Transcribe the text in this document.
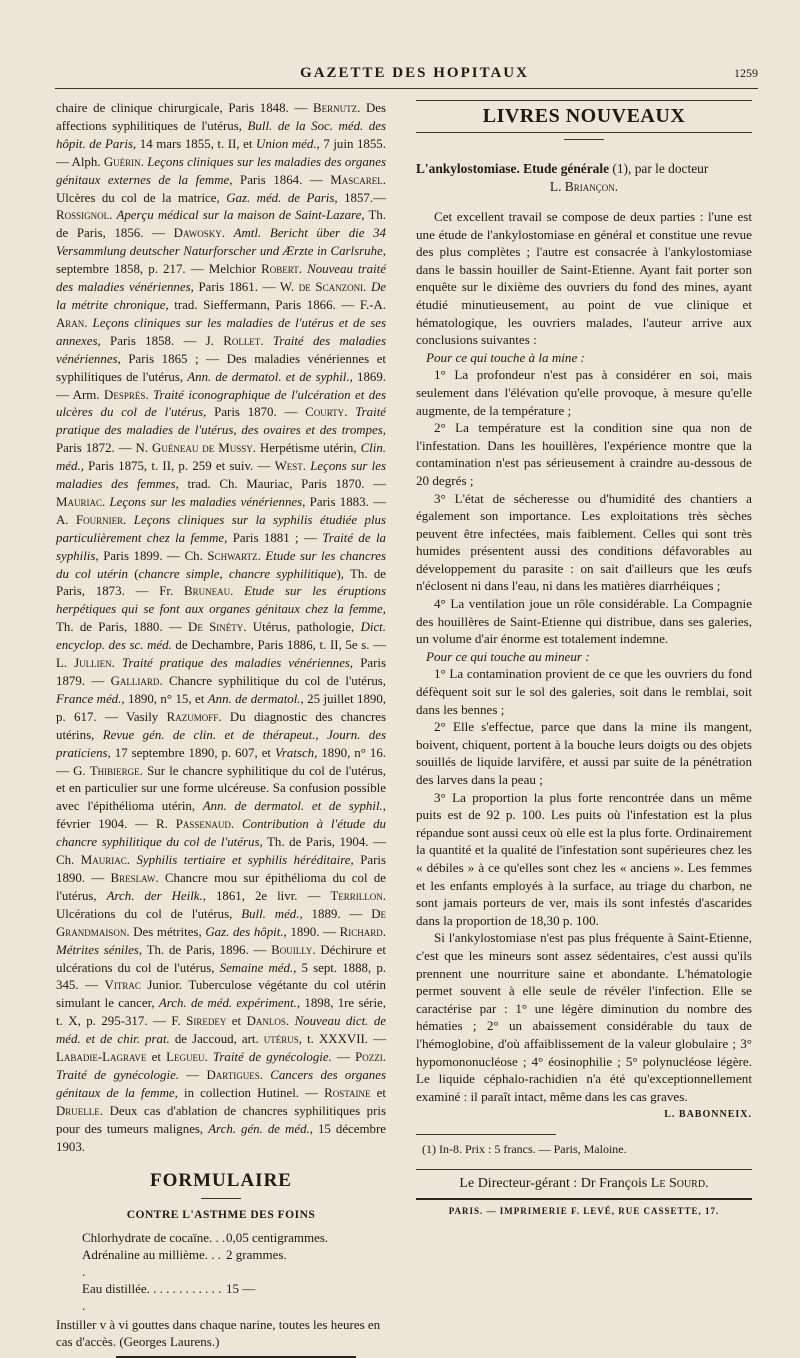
GAZETTE DES HOPITAUX	1259

chaire de clinique chirurgicale, Paris 1848. — Bernutz. Des affections syphilitiques de l'utérus, Bull. de la Soc. méd. des hôpit. de Paris, 14 mars 1855, t. II, et Union méd., 7 juin 1855. — Alph. Guérin. Leçons cliniques sur les maladies des organes génitaux externes de la femme, Paris 1864. — Mascarel. Ulcères du col de la matrice, Gaz. méd. de Paris, 1857.— Rossignol. Aperçu médical sur la maison de Saint-Lazare, Th. de Paris, 1856. — Dawosky. Amtl. Bericht über die 34 Versammlung deutscher Naturforscher und Ærzte in Carlsruhe, septembre 1858, p. 217. — Melchior Robert. Nouveau traité des maladies vénériennes, Paris 1861. — W. de Scanzoni. De la métrite chronique, trad. Sieffermann, Paris 1866. — F.-A. Aran. Leçons cliniques sur les maladies de l'utérus et de ses annexes, Paris 1858. — J. Rollet. Traité des maladies vénériennes, Paris 1865 ; — Des maladies vénériennes et syphilitiques de l'utérus, Ann. de dermatol. et de syphil., 1869. — Arm. Després. Traité iconographique de l'ulcération et des ulcères du col de l'utérus, Paris 1870. — Courty. Traité pratique des maladies de l'utérus, des ovaires et des trompes, Paris 1872. — N. Guéneau de Mussy. Herpétisme utérin, Clin. méd., Paris 1875, t. II, p. 259 et suiv. — West. Leçons sur les maladies des femmes, trad. Ch. Mauriac, Paris 1870. — Mauriac. Leçons sur les maladies vénériennes, Paris 1883. — A. Fournier. Leçons cliniques sur la syphilis étudiée plus particulièrement chez la femme, Paris 1881 ; — Traité de la syphilis, Paris 1899. — Ch. Schwartz. Etude sur les chancres du col utérin (chancre simple, chancre syphilitique), Th. de Paris, 1873. — Fr. Bruneau. Etude sur les éruptions herpétiques qui se font aux organes génitaux chez la femme, Th. de Paris, 1880. — De Sinéty. Utérus, pathologie, Dict. encyclop. des sc. méd. de Dechambre, Paris 1886, t. II, 5e s. — L. Jullien. Traité pratique des maladies vénériennes, Paris 1879. — Galliard. Chancre syphilitique du col de l'utérus, France méd., 1890, n° 15, et Ann. de dermatol., 25 juillet 1890, p. 617. — Vasily Razumoff. Du diagnostic des chancres utérins, Revue gén. de clin. et de thérapeut., Journ. des praticiens, 17 septembre 1890, p. 607, et Vratsch, 1890, n° 16. — G. Thibierge. Sur le chancre syphilitique du col de l'utérus, et en particulier sur une forme ulcéreuse. Sa confusion possible avec l'épithélioma utérin, Ann. de dermatol. et de syphil., février 1904. — R. Passenaud. Contribution à l'étude du chancre syphilitique du col de l'utérus, Th. de Paris, 1904. — Ch. Mauriac. Syphilis tertiaire et syphilis héréditaire, Paris 1890. — Breslaw. Chancre mou sur épithélioma du col de l'utérus, Arch. der Heilk., 1861, 2e livr. — Terrillon. Ulcérations du col de l'utérus, Bull. méd., 1889. — De Grandmaison. Des métrites, Gaz. des hôpit., 1890. — Richard. Métrites séniles, Th. de Paris, 1896. — Bouilly. Déchirure et ulcérations du col de l'utérus, Semaine méd., 5 sept. 1888, p. 345. — Vitrac Junior. Tuberculose végétante du col utérin simulant le cancer, Arch. de méd. expériment., 1898, 1re série, t. X, p. 295-317. — F. Siredey et Danlos. Nouveau dict. de méd. et de chir. prat. de Jaccoud, art. utérus, t. XXXVII. — Labadie-Lagrave et Legueu. Traité de gynécologie. — Pozzi. Traité de gynécologie. — Dartigues. Cancers des organes génitaux de la femme, in collection Hutinel. — Rostaine et Druelle. Deux cas d'ablation de chancres syphilitiques pris pour des tumeurs malignes, Arch. gén. de méd., 15 décembre 1903.

FORMULAIRE
CONTRE L'ASTHME DES FOINS
Chlorhydrate de cocaïne. . . 0,05 centigrammes.
Adrénaline au millième. . . .
2 grammes.
Eau distillée. . . . . . . . . . . . .
15 —

Instiller v à vi gouttes dans chaque narine, toutes les heures en cas d'accès. (Georges Laurens.)

LIVRES NOUVEAUX
L'ankylostomiase. Etude générale (1), par le docteur
L. Briançon.

Cet excellent travail se compose de deux parties : l'une est une étude de l'ankylostomiase en général et constitue une revue des plus complètes ; l'autre est consacrée à l'ankylostomiase dans le bassin houiller de Saint-Etienne. Ayant fait porter son enquête sur le dixième des ouvriers du fond des mines, ayant étudié minutieusement, au point de vue clinique et hématologique, les ouvriers malades, l'auteur arrive aux conclusions suivantes :

Pour ce qui touche à la mine :

1° La profondeur n'est pas à considérer en soi, mais seulement dans l'élévation qu'elle provoque, à mesure qu'elle augmente, de la température ;

2° La température est la condition sine qua non de l'infestation. Dans les houillères, l'expérience montre que la contamination n'est pas sérieusement à craindre au-dessous de 20 degrés ;

3° L'état de sécheresse ou d'humidité des chantiers a également son importance. Les exploitations très sèches peuvent être infectées, mais faiblement. Celles qui sont très humides présentent aussi des conditions défavorables au développement du parasite : on sait d'ailleurs que les œufs n'éclosent ni dans l'eau, ni dans les matières diarrhéiques ;

4° La ventilation joue un rôle considérable. La Compagnie des houillères de Saint-Etienne qui distribue, dans ses galeries, un volume d'air énorme est totalement indemne.

Pour ce qui touche au mineur :

1° La contamination provient de ce que les ouvriers du fond défèquent soit sur le sol des galeries, soit dans le remblai, soit dans les bennes ;

2° Elle s'effectue, parce que dans la mine ils mangent, boivent, chiquent, portent à la bouche leurs doigts ou des objets souillés de liquide larvifère, et aussi par suite de la pénétration des larves dans la peau ;

3° La proportion la plus forte rencontrée dans un même puits est de 92 p. 100. Les puits où l'infestation est la plus répandue sont aussi ceux où elle est la plus forte. Ordinairement la quantité et la qualité de l'infestation sont supérieures chez les « débiles » à ce qu'elles sont chez les « anciens ». Les femmes et les enfants employés à la surface, au triage du charbon, ne sont jamais porteurs de ver, mais ils sont infestés d'ascarides dans la proportion de 18,30 p. 100.

Si l'ankylostomiase n'est pas plus fréquente à Saint-Etienne, c'est que les mineurs sont assez sédentaires, c'est aussi qu'ils prennent une nourriture saine et abondante. L'hématologie permet souvent à elle seule de révéler l'infection. Elle se caractérise par : 1° une légère diminution du nombre des hématies ; 2° un abaissement considérable du taux de l'hémoglobine, d'où affaiblissement de la valeur globulaire ; 3° hypomononucléose ; 4° éosinophilie ; 5° polynucléose légère. Le liquide céphalo-rachidien n'a été qu'exceptionnellement examiné : il paraît intact, même dans les cas graves.

L. BABONNEIX.
(1) In-8. Prix : 5 francs. — Paris, Maloine.
Le Directeur-gérant : Dr François Le Sourd.
PARIS. — IMPRIMERIE F. LEVÉ, RUE CASSETTE, 17.
